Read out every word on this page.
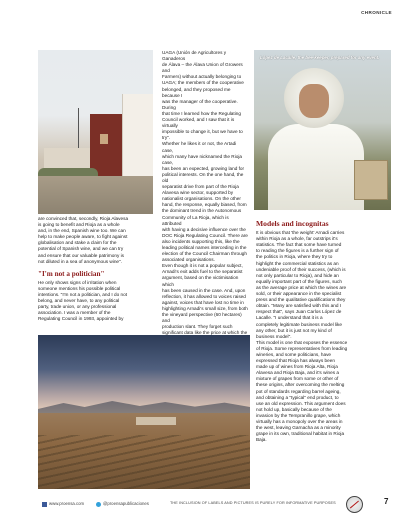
CHRONICLE
López de Lacalle, the bee-keeper, prepared for any event.

UAGA (Unión de Agricultores y Ganaderos

de Álava – the Álava Union of Growers and

Farmers) without actually belonging to

UAGA; the members of the cooperative

belonged, and they proposed me because I

was the manager of the cooperative. During

that time I learned how the Regulating

Council worked, and I saw that it is virtually

impossible to change it, but we have to try".

Whether he likes it or not, the Artadi case,

which many have nicknamed the Rioja case,

has been an expected, growing land for

political interests. On the one hand, the old

separatist drive from part of the Rioja

Alavesa wine sector, supported by

nationalist organisations. On the other

hand, the response, equally biased, from

the dominant trend in the Autonomous

Community of La Rioja, which is attributed

with having a decisive influence over the

DOC Rioja Regulating Council. There are

also incidents supporting this, like the

leading political names interceding in the

election of the Council Chairman through

associated organisations.

Even though it is not a popular subject,

Arnadi's exit adds fuel to the separatist

argument, based on the victimisation which

has been caused in the case. And, upon

reflection, it has allowed to voices raised

against, voices that have lost no time in

highlighting Arnadi's small size, from both

the vineyard perspective (60 hectares) and

production slant. They forget such

significant data like the price at which the

are convinced that, secondly, Rioja Alavesa

is going to benefit and Rioja as a whole

and, in the end, Spanish wine too. We can

help to make people aware, to fight against

globalisation and stake a claim for the

potential of Spanish wine, and we can try

and ensure that our valuable patrimony is

not diluted in a sea of anonymous wine".

"I'm not a politician"

He only shows signs of irritation when

someone mentions his possible political

intentions. "I'm not a politician, and I do not

belong, and never have, to any political

party, trade union, or any professional

association. I was a member of the

Regulating Council in 1993, appointed by

Models and incognitas

It is obvious that 'the weight' Arnadi carries

within Rioja as a whole, far outstrips it's

statistics. The fact that some have turned

to reading the figures is a further sign of

the politics in Rioja, where they try to

highlight the commercial statistics as an

undeniable proof of their success, (which is

not only particular to Rioja), and hide an

equally important part of the figures, such

as the average price at which the wines are

sold, or their appearance in the specialist

press and the qualitative qualifications they

obtain. "Many are satisfied with this and I

respect that", says Juan Carlos López de

Lacalle. "I understand that it is a

completely legitimate business model like

any other, but it is just not my kind of

business model".

This model is one that exposes the essence

of Rioja. Some representatives from leading

wineries, and some politicians, have

expressed that Rioja has always been

made up of wines from Rioja Alta, Rioja

Alavesa and Rioja Baja, and it's wines a

mixture of grapes from some or other of

these origins, after overcoming the melting

pot of standards regarding barrel ageing,

and obtaining a "typical" end product, to

use an old expression. This argument does

not hold up, basically because of the

invasion by the Tempranillo grape, which

virtually has a monopoly over the areas in

the west, leaving Garnacha as a minority

grape in its own, traditional habitat in Rioja

Baja.

www.proensa.com	@proensapublicaciones	THE INCLUSION OF LABELS AND PICTURES IS PURELY FOR INFORMATIVE PURPOSES	7
